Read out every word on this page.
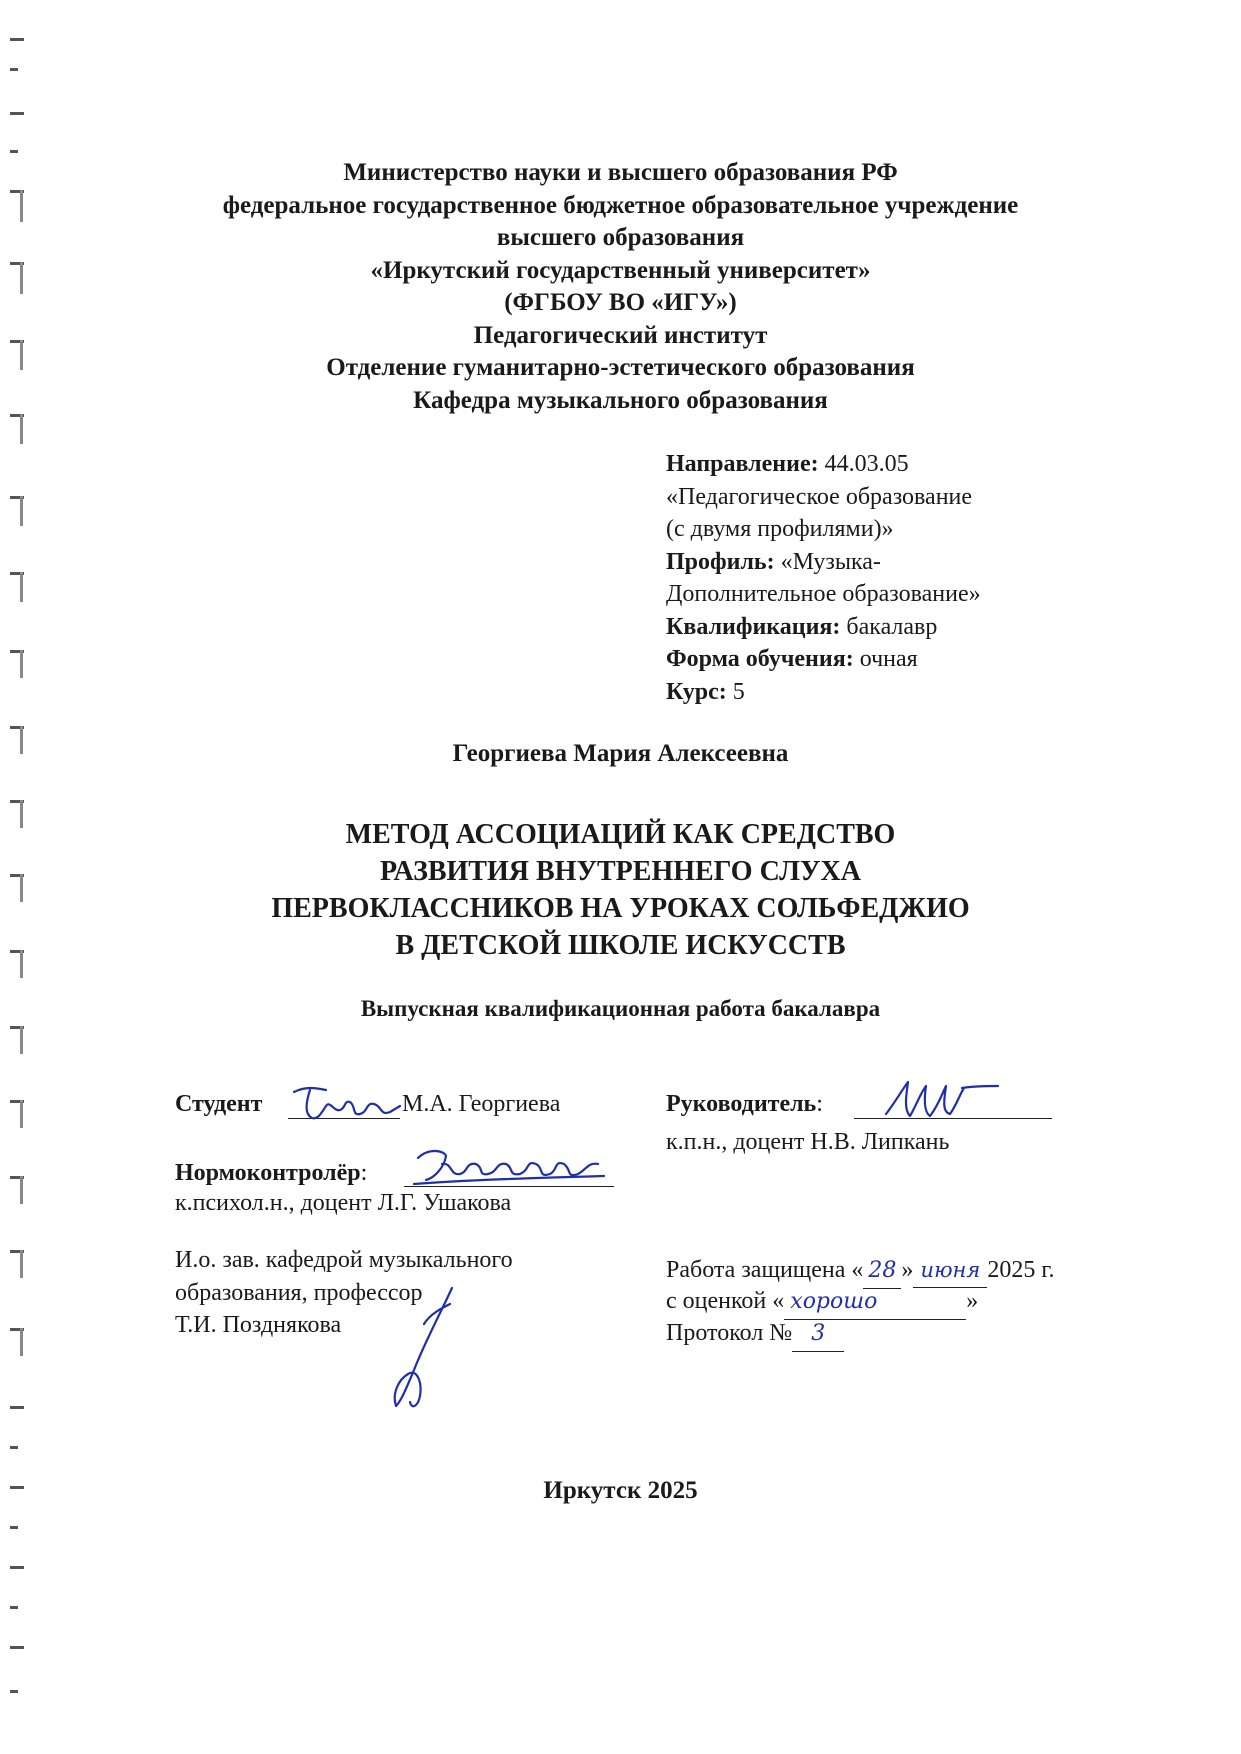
Министерство науки и высшего образования РФ
федеральное государственное бюджетное образовательное учреждение
высшего образования
«Иркутский государственный университет»
(ФГБОУ ВО «ИГУ»)
Педагогический институт
Отделение гуманитарно-эстетического образования
Кафедра музыкального образования
Направление: 44.03.05
«Педагогическое образование
(с двумя профилями)»
Профиль: «Музыка-
Дополнительное образование»
Квалификация: бакалавр
Форма обучения: очная
Курс: 5
Георгиева Мария Алексеевна
МЕТОД АССОЦИАЦИЙ КАК СРЕДСТВО
РАЗВИТИЯ ВНУТРЕННЕГО СЛУХА
ПЕРВОКЛАССНИКОВ НА УРОКАХ СОЛЬФЕДЖИО
В ДЕТСКОЙ ШКОЛЕ ИСКУССТВ
Выпускная квалификационная работа бакалавра
Студент	М.А. Георгиева
Нормоконтролёр:
к.психол.н., доцент Л.Г. Ушакова
И.о. зав. кафедрой музыкального
образования, профессор
Т.И. Позднякова
Руководитель:
к.п.н., доцент Н.В. Липкань
Работа защищена « 28 » июня 2025 г.
с оценкой « хорошо	»
Протокол № 3
Иркутск 2025
